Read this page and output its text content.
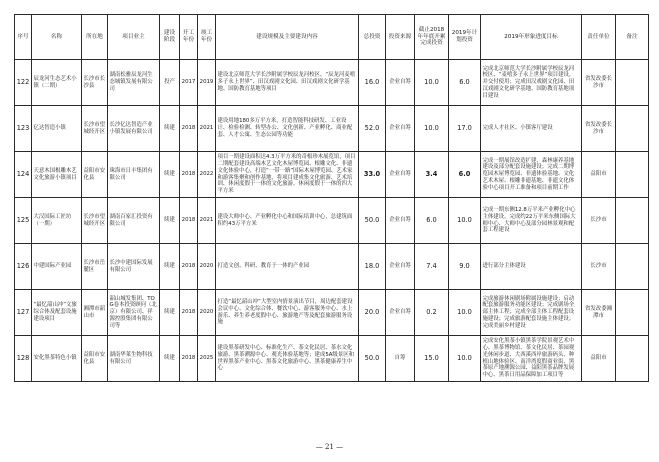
序号	名称	所在地	项目业主	建设阶段	开工年份	竣工年份	建设规模及主要建设内容	总投资	投资来源	截止2018年年底开累完成投资	2019年计划投资	2019年形象进度目标	责任单位	备注
122	辰龙河生态艺术小镇（二期）	长沙市长沙县	湖南松雅辰龙河生态城镇发展有限公司	投产	2017	2019	建设北京师范大学长沙附属学校辰龙河校区、“辰龙河麦嘻多子永上世界”、田汉戏剧文化园、田汉戏剧文化研学基地、国防教育基地等项目	16.0	企业自筹	10.0	6.0	完成北京师范大学长沙附属学校辰龙河校区、“麦嘻多子永上世界”项目建设，并交付使用；完成田汉戏剧文化园、田汉戏剧文化研学基地、国防教育基地项目建设	省发改委长沙市	
123	亿达智造小镇	长沙市望城经开区	长沙亿达智造产业小镇发展有限公司	续建	2018	2021	建设用地180多万平方米，打造智能科技研发、工业设计、检验检测、转型办公、文化创新、产业孵化、商业配套、人才公寓、生态公园等功能	52.0	企业自筹	10.0	17.0	完成人才社区、小镇客厅建设	省发改委长沙市	
124	天意木国根雕木艺文化旅游小镇项目	益阳市安化县	珠海市日丰集团有限公司	续建	2018	2022	项目一期建设面积达4.3万平方米的奇根珍木展览馆，项目二期配套建设高端木艺文化木屋博览园、根雕文化、非遗文化体验中心，打造“一带一路”国际木屋博览园、艺术家和游客集聚和创作基地，将项目建成集文化旅游、艺术培训、休闲度假于一体的文化旅游、休闲度假于一体的四大平方米	33.0	企业自筹	3.4	6.0	完成一期展馆改造扩建，森林康养基地建设及部分配套设施建设；完成二期博览园木屋博览园、非遗体验基地、文化艺术木屋、根雕非遗基地、非遗文化体验中心项目开工准备和项目前期工作	益阳市	
125	大汉国际工匠坊（一期）	长沙市望城经开区	湖南百家汇投资有限公司	续建	2018	2021	建设大师中心、产业孵化中心和国际培训中心，总建筑面积约43万平方米	50.0	企业自筹	6.0	10.0	完成一期东侧12.8万平米产业孵化中心主体建设，完成约22万平米东侧国际大师中心、大师中心及部分园林景观和配套工程建设	长沙市	
126	中建国际产业园	长沙市岳麓区	长沙中建国际发展有限公司	续建	2018	2020	打造文创、科研、教育于一体的产业园	18.0	企业自筹	7.4	9.0	进行部分主体建设	长沙市	
127	“最忆韶山冲”文旅综合体及配套设施建设项目	湘潭市韶山市	韶山城发集团、TOG卷本投资顾问（北京）有限公司、祥源控股集团有限公司等	续建	2018	2020	打造“最忆韶山冲”大型室内情景演出节目，周边配套建设会议中心、文化综合体、餐饮中心、游客服务中心、水上游乐、养生养老度假中心、旅游地产等及配套旅游服务设施	20.0	企业自筹	0.2	10.0	完成旅游休闲剧场附属设施建设；启动配套旅游服务功能区建设；完成剧场全部主体工程；完成全部主体工程配套设施建设；完成旅游配套设施主体建设；完成美丽乡村建设	省发改委湘潭市	
128	安化黑茶特色小镇	益阳市安化县	湖南华莱生物科技有限公司	续建	2018	2025	建设黑茶研发中心、标准化生产、茶文化民居、茶水文化旅游、黑茶溯源中心、观光体验基地等；建成5A级景区和世界黑茶产业中心、黑茶文化旅游中心、黑茶健康养生中心	50.0	自筹	15.0	10.0	完成安化黑茶小镇黑茶学院景观艺术中心、黑茶博物馆、茶文化民居、茶园观光休闲步道、大西溪西岸旅游码头、种植山地体验区、南洋湾度假商业街、黑茶原产地溯源公园、益阳黑茶品牌发展中心、黑茶日用品保障加工项目等	益阳市	
— 21 —
